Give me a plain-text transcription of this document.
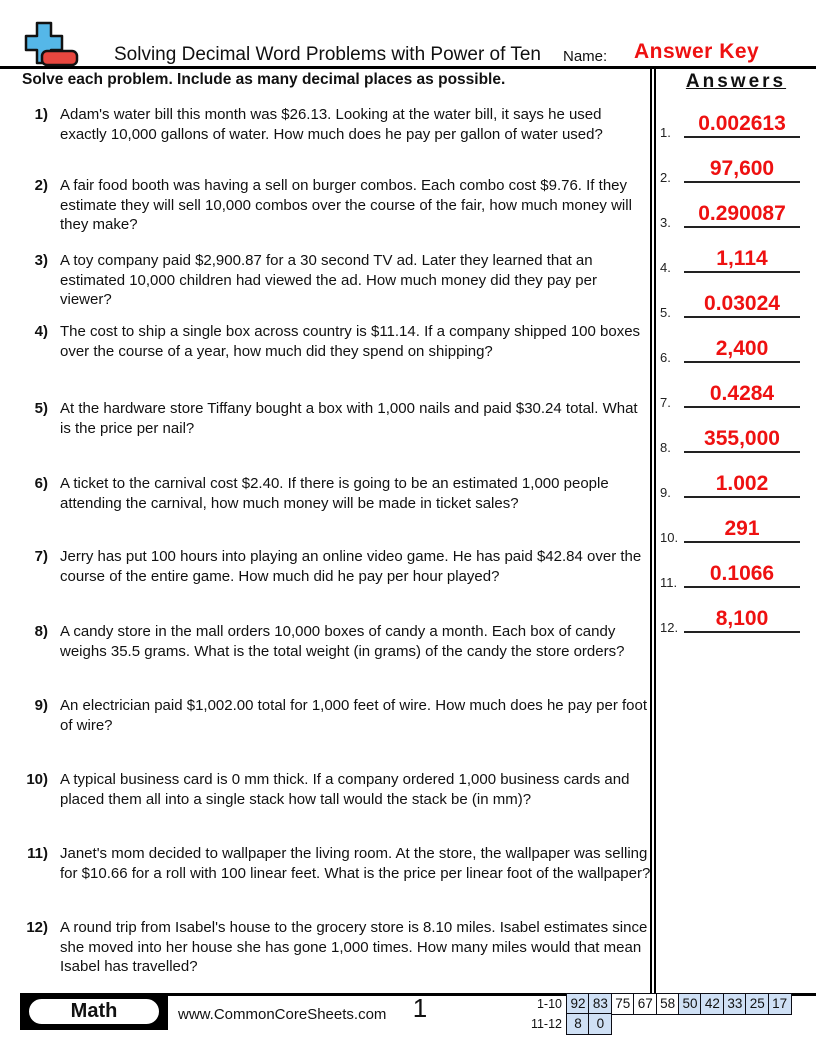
Solving Decimal Word Problems with Power of Ten Name: Answer Key
Solve each problem. Include as many decimal places as possible.
1) Adam's water bill this month was $26.13. Looking at the water bill, it says he used exactly 10,000 gallons of water. How much does he pay per gallon of water used?
2) A fair food booth was having a sell on burger combos. Each combo cost $9.76. If they estimate they will sell 10,000 combos over the course of the fair, how much money will they make?
3) A toy company paid $2,900.87 for a 30 second TV ad. Later they learned that an estimated 10,000 children had viewed the ad. How much money did they pay per viewer?
4) The cost to ship a single box across country is $11.14. If a company shipped 100 boxes over the course of a year, how much did they spend on shipping?
5) At the hardware store Tiffany bought a box with 1,000 nails and paid $30.24 total. What is the price per nail?
6) A ticket to the carnival cost $2.40. If there is going to be an estimated 1,000 people attending the carnival, how much money will be made in ticket sales?
7) Jerry has put 100 hours into playing an online video game. He has paid $42.84 over the course of the entire game. How much did he pay per hour played?
8) A candy store in the mall orders 10,000 boxes of candy a month. Each box of candy weighs 35.5 grams. What is the total weight (in grams) of the candy the store orders?
9) An electrician paid $1,002.00 total for 1,000 feet of wire. How much does he pay per foot of wire?
10) A typical business card is 0 mm thick. If a company ordered 1,000 business cards and placed them all into a single stack how tall would the stack be (in mm)?
11) Janet's mom decided to wallpaper the living room. At the store, the wallpaper was selling for $10.66 for a roll with 100 linear feet. What is the price per linear foot of the wallpaper?
12) A round trip from Isabel's house to the grocery store is 8.10 miles. Isabel estimates since she moved into her house she has gone 1,000 times. How many miles would that mean Isabel has travelled?
Answers
1.	0.002613
2.	97,600
3.	0.290087
4.	1,114
5.	0.03024
6.	2,400
7.	0.4284
8.	355,000
9.	1.002
10.	291
11.	0.1066
12.	8,100
Math	www.CommonCoreSheets.com	1	1-10 92 83 75 67 58 50 42 33 25 17
11-12 8	0
